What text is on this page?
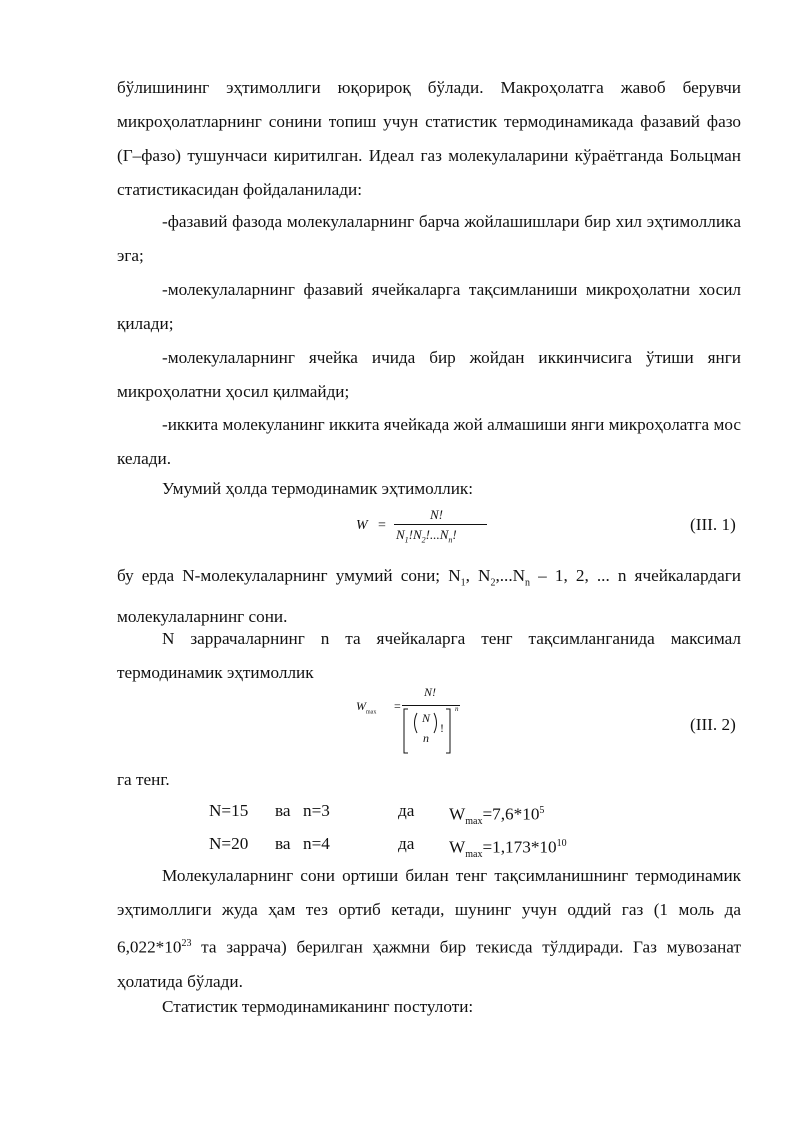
бўлишининг эҳтимоллиги юқорироқ бўлади. Макроҳолатга жавоб берувчи микроҳолатларнинг сонини топиш учун статистик термодинамикада фазавий фазо (Г–фазо) тушунчаси киритилган. Идеал газ молекулаларини кўраётганда Больцман статистикасидан фойдаланилади:
-фазавий фазода молекулаларнинг барча жойлашишлари бир хил эҳтимолликa эга;
-молекулаларнинг фазавий ячейкаларга тақсимланиши микроҳолатни хосил қилади;
-молекулаларнинг ячейка ичида бир жойдан иккинчисига ўтиши янги микроҳолатни ҳосил қилмайди;
-иккита молекуланинг иккита ячейкада жой алмашиши янги микроҳолатга мос келади.
Умумий ҳолда термодинамик эҳтимоллик:
W =
N!
$N_1!N_2!...N_n$!
(III. 1)
бу ерда N-молекулаларнинг умумий сони; $N_1$, $N_2,...N_n - 1$, 2, ... n ячейкалардаги молекулаларнинг сони.
N заррачаларнинг n та ячейкаларга тенг тақсимланганида максимал термодинамик эҳтимоллик
$W_{max}$ =
N!
N
n
!
n
(III. 2)
га тенг.
N=15 ва n=3	да $W_{max}=7,6*10^5$
N=20 ва n=4	да $W_{max}=1,173*10^{10}$
Молекулаларнинг сони ортиши билан тенг тақсимланишнинг термодинамик эҳтимоллиги жуда ҳам тез ортиб кетади, шунинг учун оддий газ (1 моль да $6,022*10^{23}$ та заррача) берилган ҳажмни бир текисда тўлдиради. Газ мувозанат ҳолатида бўлади.
Статистик термодинамиканинг постулоти:
